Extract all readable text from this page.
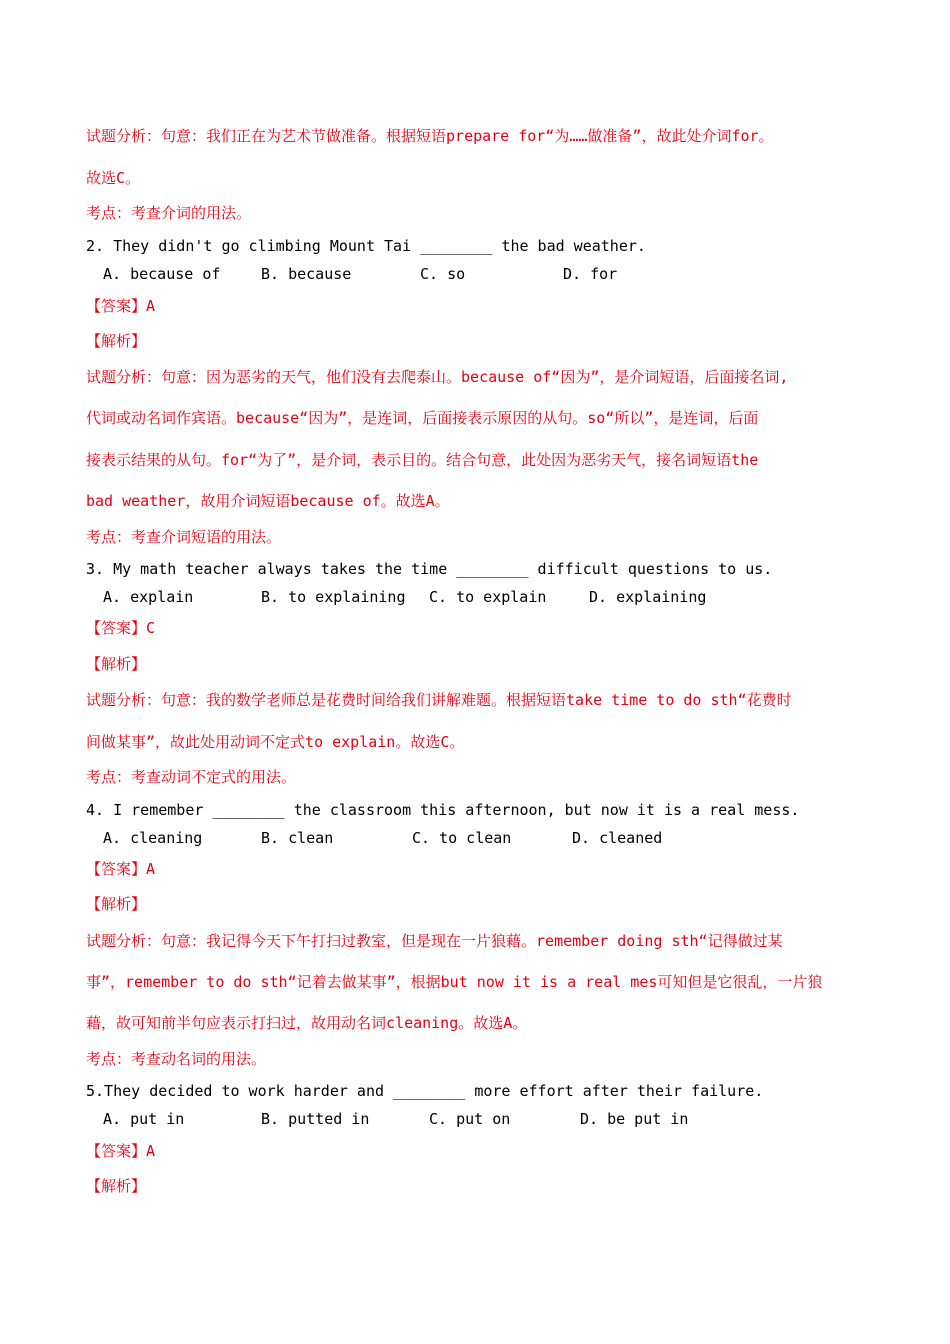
试题分析：句意：我们正在为艺术节做准备。根据短语prepare for“为……做准备”，故此处介词for。
故选C。
考点：考查介词的用法。
2. They didn't go climbing Mount Tai ________ the bad weather.

A. because of

	B. because

	C. so

	D. for

【答案】A
【解析】
试题分析：句意：因为恶劣的天气，他们没有去爬泰山。because of“因为”，是介词短语，后面接名词,
代词或动名词作宾语。because“因为”，是连词，后面接表示原因的从句。so“所以”，是连词，后面
接表示结果的从句。for“为了”，是介词，表示目的。结合句意，此处因为恶劣天气，接名词短语the
bad weather，故用介词短语because of。故选A。
考点：考查介词短语的用法。
3. My math teacher always takes the time ________ difficult questions to us.

A. explain

	B. to explaining

C. to explain

	D. explaining

【答案】C
【解析】
试题分析：句意：我的数学老师总是花费时间给我们讲解难题。根据短语take time to do sth“花费时
间做某事”，故此处用动词不定式to explain。故选C。
考点：考查动词不定式的用法。
4. I remember ________ the classroom this afternoon, but now it is a real mess.

A. cleaning

	B. clean

	C. to clean

	D. cleaned

【答案】A
【解析】
试题分析：句意：我记得今天下午打扫过教室，但是现在一片狼藉。remember doing sth“记得做过某
事”，remember to do sth“记着去做某事”，根据but now it is a real mes可知但是它很乱，一片狼
藉，故可知前半句应表示打扫过，故用动名词cleaning。故选A。
考点：考查动名词的用法。
5.They decided to work harder and ________ more effort after their failure.

A. put in

	B. putted in

	C. put on

	D. be put in

【答案】A
【解析】
